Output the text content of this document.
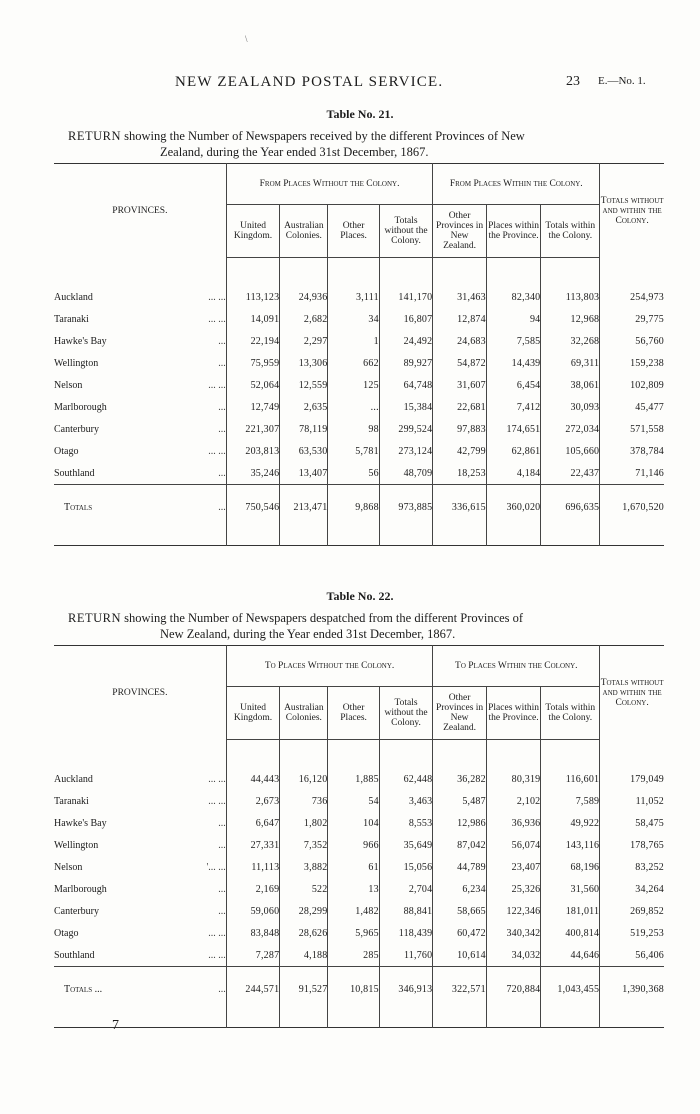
\
NEW ZEALAND POSTAL SERVICE.	23 E.—No. 1.
Table No. 21.
RETURN showing the Number of Newspapers received by the different Provinces of New
Zealand, during the Year ended 31st December, 1867.
PROVINCES.		From Places Without the Colony.				From Places Within the Colony.			Totals without and within the Colony.
		United Kingdom.	Australian Colonies.	Other Places.	Totals without the Colony.	Other Provinces in New Zealand.	Places within the Province.	Totals within the Colony.	

Auckland	... ...	113,123	24,936	3,111	141,170	31,463	82,340	113,803	254,973
Taranaki	... ...	14,091	2,682	34	16,807	12,874	94	12,968	29,775
Hawke's Bay	...	22,194	2,297	1	24,492	24,683	7,585	32,268	56,760
Wellington	...	75,959	13,306	662	89,927	54,872	14,439	69,311	159,238
Nelson	... ...	52,064	12,559	125	64,748	31,607	6,454	38,061	102,809
Marlborough	...	12,749	2,635	...	15,384	22,681	7,412	30,093	45,477
Canterbury	...	221,307	78,119	98	299,524	97,883	174,651	272,034	571,558
Otago	... ...	203,813	63,530	5,781	273,124	42,799	62,861	105,660	378,784
Southland	...	35,246	13,407	56	48,709	18,253	4,184	22,437	71,146
Totals	...	750,546	213,471	9,868	973,885	336,615	360,020	696,635	1,670,520

Table No. 22.
RETURN showing the Number of Newspapers despatched from the different Provinces of
New Zealand, during the Year ended 31st December, 1867.
PROVINCES.		To Places Without the Colony.				To Places Within the Colony.			Totals without and within the Colony.
		United Kingdom.	Australian Colonies.	Other Places.	Totals without the Colony.	Other Provinces in New Zealand.	Places within the Province.	Totals within the Colony.	

Auckland	... ...	44,443	16,120	1,885	62,448	36,282	80,319	116,601	179,049
Taranaki	... ...	2,673	736	54	3,463	5,487	2,102	7,589	11,052
Hawke's Bay	...	6,647	1,802	104	8,553	12,986	36,936	49,922	58,475
Wellington	...	27,331	7,352	966	35,649	87,042	56,074	143,116	178,765
Nelson	'... ...	11,113	3,882	61	15,056	44,789	23,407	68,196	83,252
Marlborough	...	2,169	522	13	2,704	6,234	25,326	31,560	34,264
Canterbury	...	59,060	28,299	1,482	88,841	58,665	122,346	181,011	269,852
Otago	... ...	83,848	28,626	5,965	118,439	60,472	340,342	400,814	519,253
Southland	... ...	7,287	4,188	285	11,760	10,614	34,032	44,646	56,406
Totals ...	...	244,571	91,527	10,815	346,913	322,571	720,884	1,043,455	1,390,368

7
